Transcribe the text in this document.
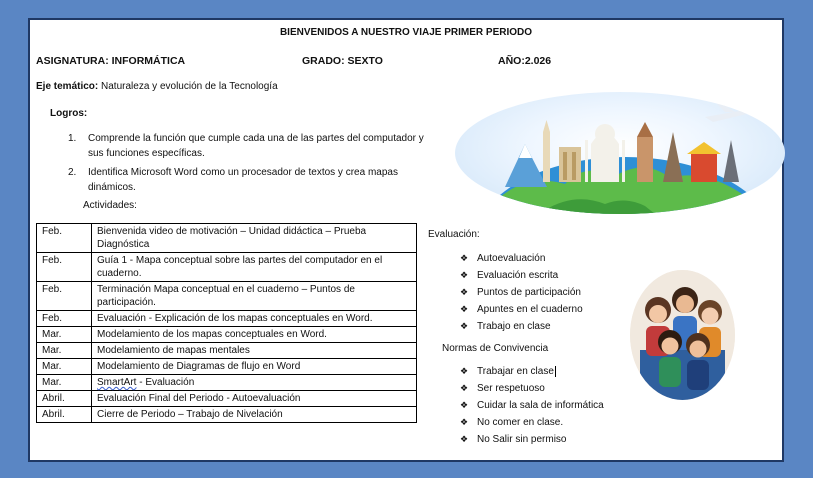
BIENVENIDOS A NUESTRO VIAJE PRIMER PERIODO
ASIGNATURA: INFORMÁTICA	GRADO: SEXTO	AÑO:2.026
Eje temático: Naturaleza y evolución de la Tecnología
Logros:
1. Comprende la función que cumple cada una de las partes del computador y sus funciones específicas.
2. Identifica Microsoft Word como un procesador de textos y crea mapas dinámicos.
Actividades:
Feb.	Bienvenida video de motivación – Unidad didáctica – Prueba Diagnóstica
Feb.	Guía 1 - Mapa conceptual sobre las partes del computador en el cuaderno.
Feb.	Terminación Mapa conceptual en el cuaderno – Puntos de participación.
Feb.	Evaluación - Explicación de los mapas conceptuales en Word.
Mar.	Modelamiento de los mapas conceptuales en Word.
Mar.	Modelamiento de mapas mentales
Mar.	Modelamiento de Diagramas de flujo en Word
Mar.	SmartArt - Evaluación
Abril.	Evaluación Final del Periodo - Autoevaluación
Abril.	Cierre de Periodo – Trabajo de Nivelación
Evaluación:
❖ Autoevaluación
❖ Evaluación escrita
❖ Puntos de participación
❖ Apuntes en el cuaderno
❖ Trabajo en clase
Normas de Convivencia
❖ Trabajar en clase
❖ Ser respetuoso
❖ Cuidar la sala de informática
❖ No comer en clase.
❖ No Salir sin permiso
